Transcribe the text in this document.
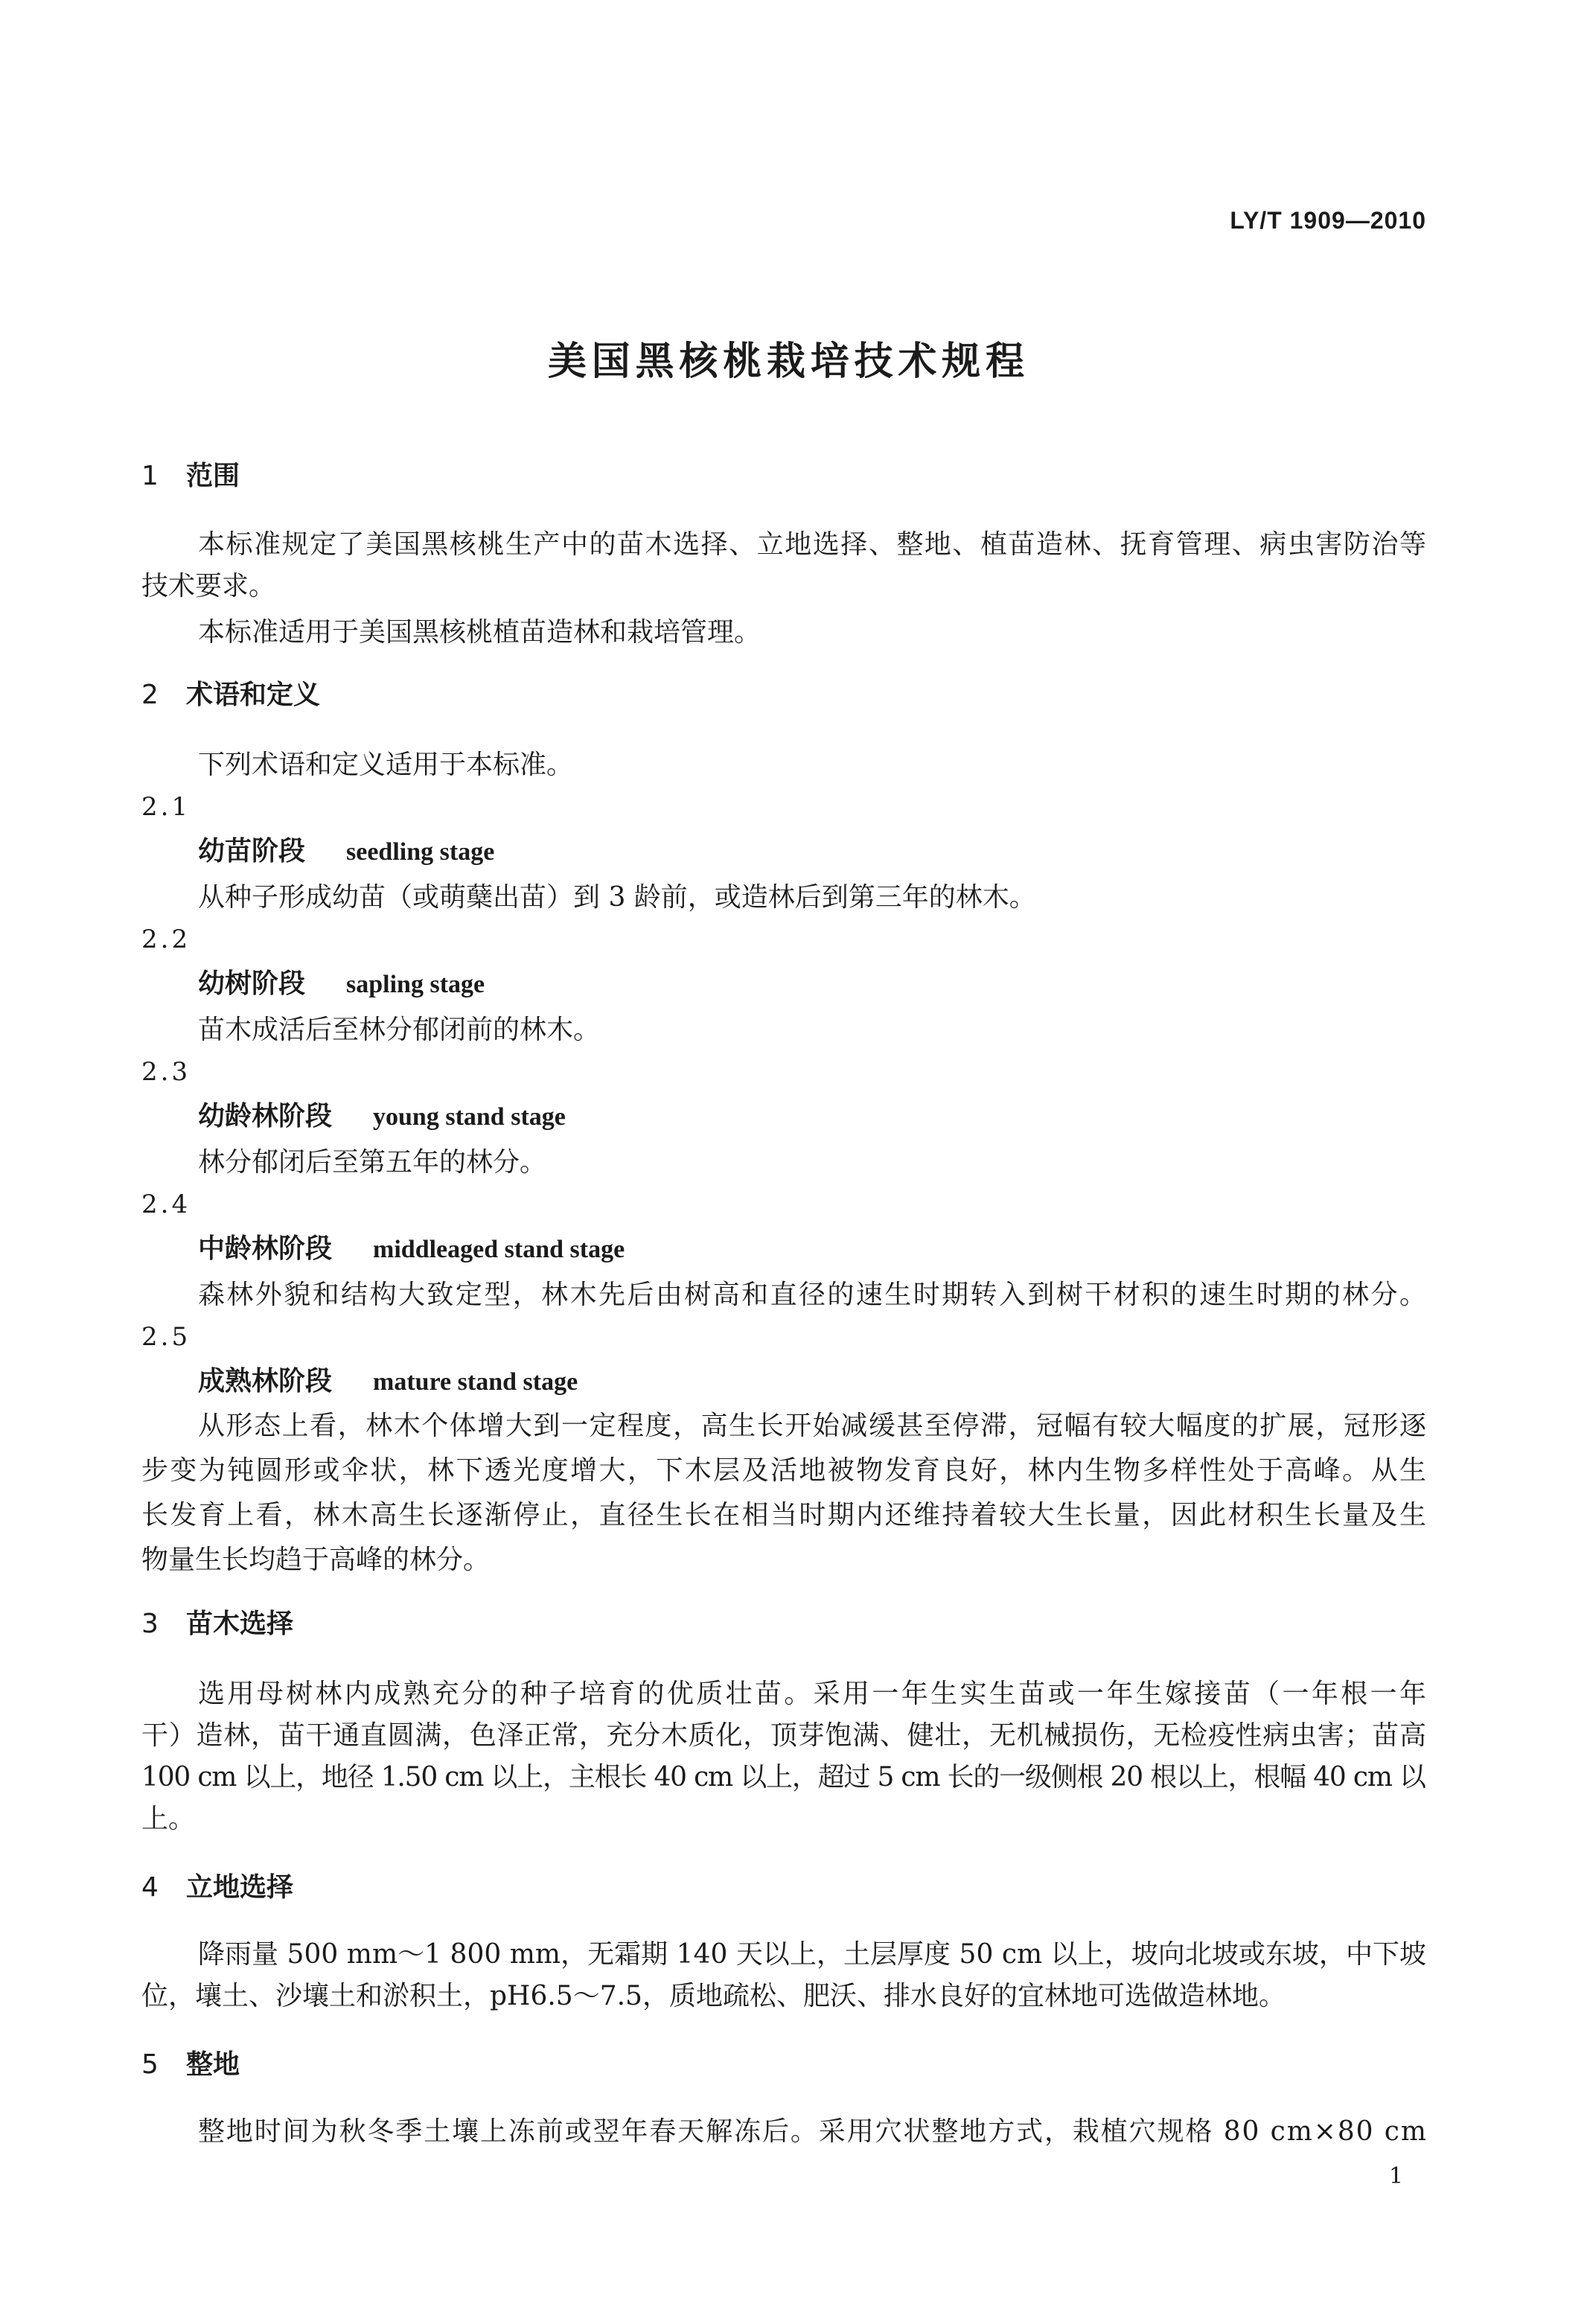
LY/T 1909—2010
美国黑核桃栽培技术规程
1 范围
本标准规定了美国黑核桃生产中的苗木选择、立地选择、整地、植苗造林、抚育管理、病虫害防治等
技术要求。
本标准适用于美国黑核桃植苗造林和栽培管理。
2 术语和定义
下列术语和定义适用于本标准。
2.1
幼苗阶段 seedling stage
从种子形成幼苗（或萌蘖出苗）到 3 龄前，或造林后到第三年的林木。
2.2
幼树阶段 sapling stage
苗木成活后至林分郁闭前的林木。
2.3
幼龄林阶段 young stand stage
林分郁闭后至第五年的林分。
2.4
中龄林阶段 middleaged stand stage
森林外貌和结构大致定型，林木先后由树高和直径的速生时期转入到树干材积的速生时期的林分。
2.5
成熟林阶段 mature stand stage
从形态上看，林木个体增大到一定程度，高生长开始减缓甚至停滞，冠幅有较大幅度的扩展，冠形逐
步变为钝圆形或伞状，林下透光度增大，下木层及活地被物发育良好，林内生物多样性处于高峰。从生
长发育上看，林木高生长逐渐停止，直径生长在相当时期内还维持着较大生长量，因此材积生长量及生
物量生长均趋于高峰的林分。
3 苗木选择
选用母树林内成熟充分的种子培育的优质壮苗。采用一年生实生苗或一年生嫁接苗（一年根一年
干）造林，苗干通直圆满，色泽正常，充分木质化，顶芽饱满、健壮，无机械损伤，无检疫性病虫害；苗高
100 cm 以上，地径 1.50 cm 以上，主根长 40 cm 以上，超过 5 cm 长的一级侧根 20 根以上，根幅 40 cm 以
上。
4 立地选择
降雨量 500 mm～1 800 mm，无霜期 140 天以上，土层厚度 50 cm 以上，坡向北坡或东坡，中下坡
位，壤土、沙壤土和淤积土，pH6.5～7.5，质地疏松、肥沃、排水良好的宜林地可选做造林地。
5 整地
整地时间为秋冬季土壤上冻前或翌年春天解冻后。采用穴状整地方式，栽植穴规格 80 cm×80 cm
1
